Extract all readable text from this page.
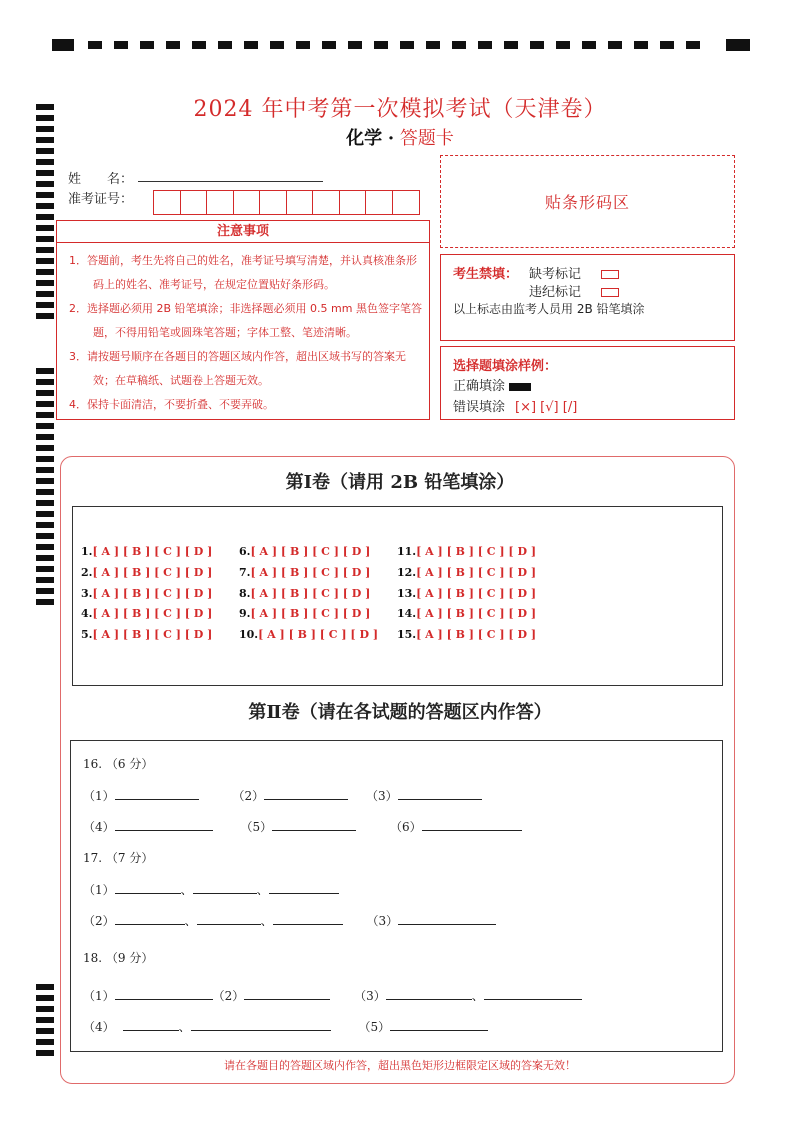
2024 年中考第一次模拟考试（天津卷）
化学 · 答题卡
姓　　名：
准考证号：	贴条形码区
注意事项
1．答题前，考生先将自己的姓名，准考证号填写清楚，并认真核准条形码上的姓名、准考证号，在规定位置贴好条形码。
2．选择题必须用 2B 铅笔填涂；非选择题必须用 0.5 mm 黑色签字笔答题，不得用铅笔或圆珠笔答题；字体工整、笔迹清晰。
3．请按题号顺序在各题目的答题区域内作答，超出区域书写的答案无效；在草稿纸、试题卷上答题无效。
4．保持卡面清洁，不要折叠、不要弄破。
考生禁填： 缺考标记
违纪标记
以上标志由监考人员用 2B 铅笔填涂
选择题填涂样例：
正确填涂
错误填涂 [×] [√] [/]
第Ⅰ卷（请用 2B 铅笔填涂）
1.[ A ] [ B ] [ C ] [ D ]
2.[ A ] [ B ] [ C ] [ D ]
3.[ A ] [ B ] [ C ] [ D ]
4.[ A ] [ B ] [ C ] [ D ]
5.[ A ] [ B ] [ C ] [ D ]
6.[ A ] [ B ] [ C ] [ D ]
7.[ A ] [ B ] [ C ] [ D ]
8.[ A ] [ B ] [ C ] [ D ]
9.[ A ] [ B ] [ C ] [ D ]
10.[ A ] [ B ] [ C ] [ D ]
11.[ A ] [ B ] [ C ] [ D ]
12.[ A ] [ B ] [ C ] [ D ]
13.[ A ] [ B ] [ C ] [ D ]
14.[ A ] [ B ] [ C ] [ D ]
15.[ A ] [ B ] [ C ] [ D ]
第Ⅱ卷（请在各试题的答题区内作答）
16. （6 分）
（1）	（2）	（3）
（4）	（5）	（6）
17. （7 分）
（1）	、	、
（2）	、	、	（3）
18. （9 分）
（1）	（2）	（3）	、
（4）	、	（5）
请在各题目的答题区域内作答，超出黑色矩形边框限定区域的答案无效！
